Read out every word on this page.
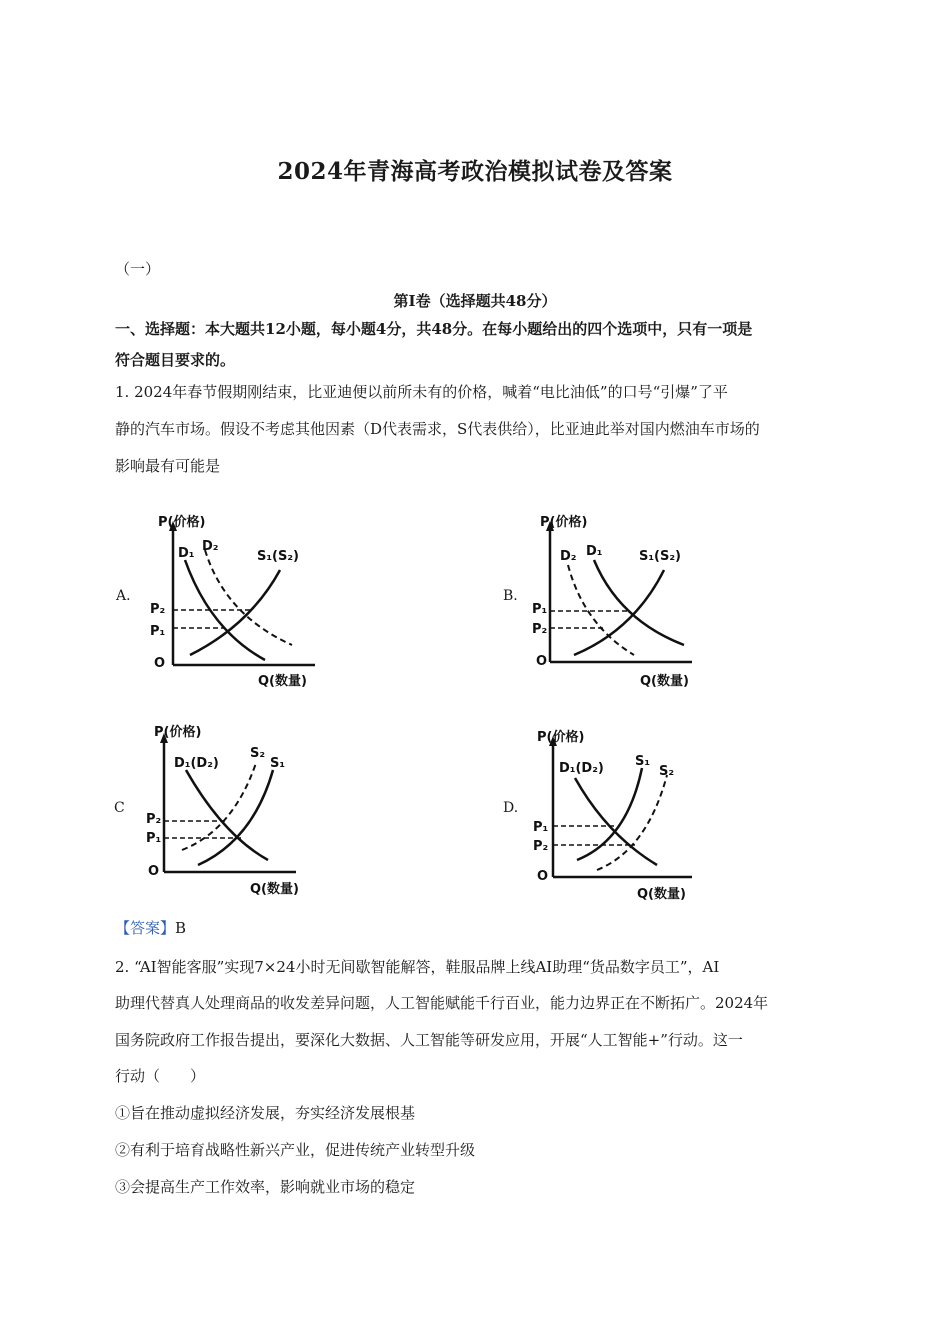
2024年青海高考政治模拟试卷及答案
（一）
第Ⅰ卷（选择题共48分）
一、选择题：本大题共12小题，每小题4分，共48分。在每小题给出的四个选项中，只有一项是
符合题目要求的。
1. 2024年春节假期刚结束，比亚迪便以前所未有的价格，喊着“电比油低”的口号“引爆”了平
静的汽车市场。假设不考虑其他因素（D代表需求，S代表供给），比亚迪此举对国内燃油车市场的
影响最有可能是
A.
P(价格)
Q(数量)
O
P₂
P₁
D₁ D₂
S₁(S₂)
B.
P(价格)
Q(数量)
O
P₁
P₂
D₂ D₁	S₁(S₂)
C
P(价格)
Q(数量)
O
P₂
P₁
D₁(D₂)
S₂
S₁
D.
P(价格)
Q(数量)
O
P₁
P₂
D₁(D₂) S₁
S₂
【答案】B
2. “AI智能客服”实现7×24小时无间歇智能解答，鞋服品牌上线AI助理“货品数字员工”，AI
助理代替真人处理商品的收发差异问题，人工智能赋能千行百业，能力边界正在不断拓广。2024年
国务院政府工作报告提出，要深化大数据、人工智能等研发应用，开展“人工智能+”行动。这一
行动（　　）
①旨在推动虚拟经济发展，夯实经济发展根基
②有利于培育战略性新兴产业，促进传统产业转型升级
③会提高生产工作效率，影响就业市场的稳定
